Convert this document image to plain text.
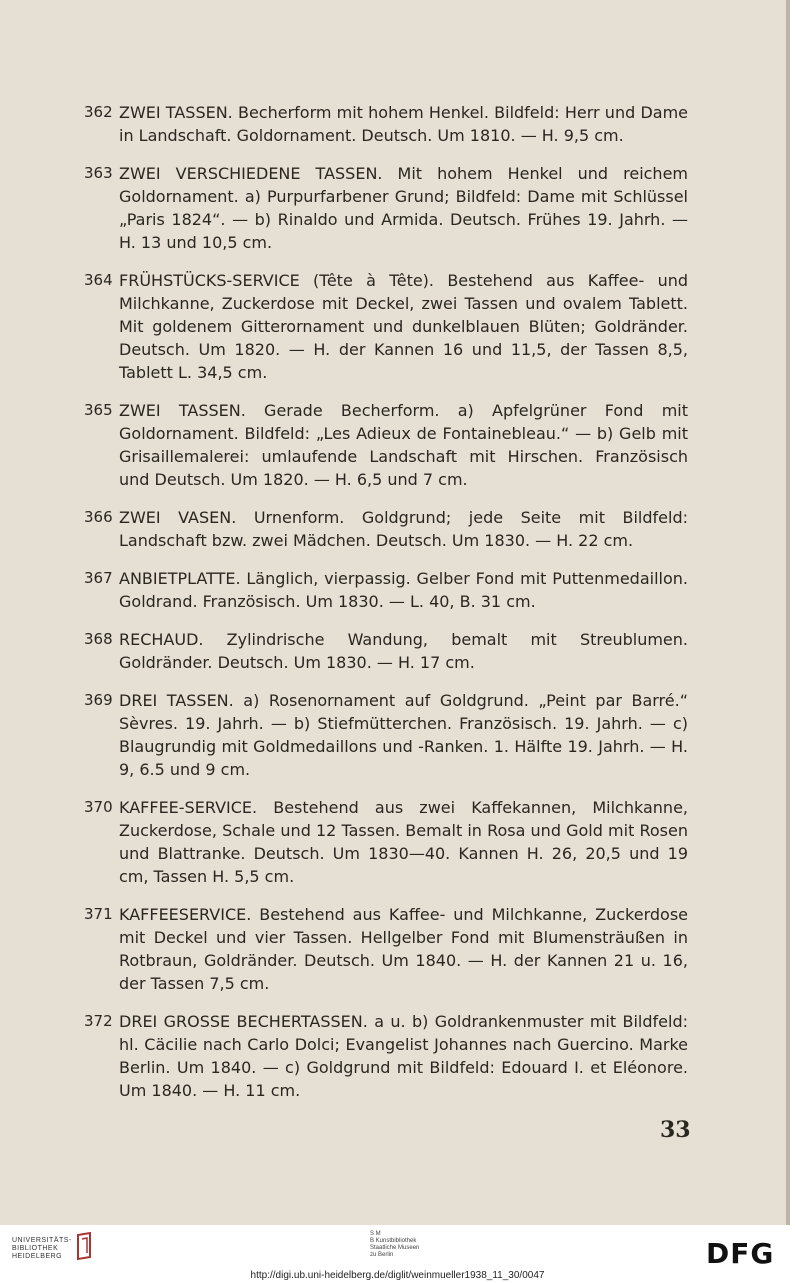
362 ZWEI TASSEN. Becherform mit hohem Henkel. Bildfeld: Herr und Dame in Landschaft. Goldornament. Deutsch. Um 1810. — H. 9,5 cm.
363 ZWEI VERSCHIEDENE TASSEN. Mit hohem Henkel und reichem Goldornament. a) Purpurfarbener Grund; Bildfeld: Dame mit Schlüssel „Paris 1824“. — b) Rinaldo und Armida. Deutsch. Frühes 19. Jahrh. — H. 13 und 10,5 cm.
364 FRÜHSTÜCKS-SERVICE (Tête à Tête). Bestehend aus Kaffee- und Milchkanne, Zuckerdose mit Deckel, zwei Tassen und ovalem Tablett. Mit goldenem Gitterornament und dunkelblauen Blüten; Goldränder. Deutsch. Um 1820. — H. der Kannen 16 und 11,5, der Tassen 8,5, Tablett L. 34,5 cm.
365 ZWEI TASSEN. Gerade Becherform. a) Apfelgrüner Fond mit Goldornament. Bildfeld: „Les Adieux de Fontainebleau.“ — b) Gelb mit Grisaillemalerei: umlaufende Landschaft mit Hirschen. Französisch und Deutsch. Um 1820. — H. 6,5 und 7 cm.
366 ZWEI VASEN. Urnenform. Goldgrund; jede Seite mit Bildfeld: Landschaft bzw. zwei Mädchen. Deutsch. Um 1830. — H. 22 cm.
367 ANBIETPLATTE. Länglich, vierpassig. Gelber Fond mit Puttenmedaillon. Goldrand. Französisch. Um 1830. — L. 40, B. 31 cm.
368 RECHAUD. Zylindrische Wandung, bemalt mit Streublumen. Goldränder. Deutsch. Um 1830. — H. 17 cm.
369 DREI TASSEN. a) Rosenornament auf Goldgrund. „Peint par Barré.“ Sèvres. 19. Jahrh. — b) Stiefmütterchen. Französisch. 19. Jahrh. — c) Blaugrundig mit Goldmedaillons und -Ranken. 1. Hälfte 19. Jahrh. — H. 9, 6.5 und 9 cm.
370 KAFFEE-SERVICE. Bestehend aus zwei Kaffekannen, Milchkanne, Zuckerdose, Schale und 12 Tassen. Bemalt in Rosa und Gold mit Rosen und Blattranke. Deutsch. Um 1830—40. Kannen H. 26, 20,5 und 19 cm, Tassen H. 5,5 cm.
371 KAFFEESERVICE. Bestehend aus Kaffee- und Milchkanne, Zuckerdose mit Deckel und vier Tassen. Hellgelber Fond mit Blumensträußen in Rotbraun, Goldränder. Deutsch. Um 1840. — H. der Kannen 21 u. 16, der Tassen 7,5 cm.
372 DREI GROSSE BECHERTASSEN. a u. b) Goldrankenmuster mit Bildfeld: hl. Cäcilie nach Carlo Dolci; Evangelist Johannes nach Guercino. Marke Berlin. Um 1840. — c) Goldgrund mit Bildfeld: Edouard I. et Eléonore. Um 1840. — H. 11 cm.
33
UNIVERSITÄTS-
BIBLIOTHEK
HEIDELBERG
S M
B Kunstbibliothek
Staatliche Museen
zu Berlin	DFG
http://digi.ub.uni-heidelberg.de/diglit/weinmueller1938_11_30/0047
